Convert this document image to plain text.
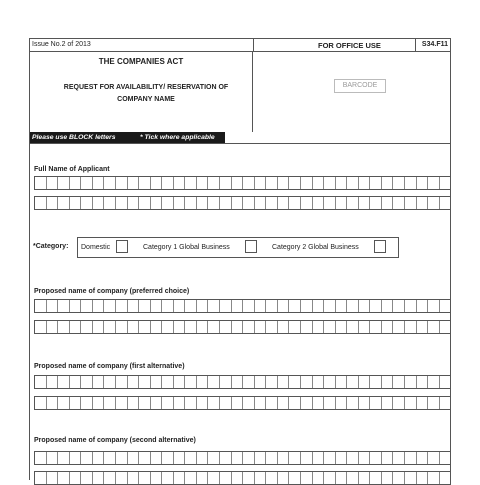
Issue No.2 of 2013	FOR OFFICE USE	S34.F11
THE COMPANIES ACT
REQUEST FOR AVAILABILITY/ RESERVATION OF COMPANY NAME
BARCODE
Please use BLOCK letters	* Tick where applicable
Full Name of Applicant
*Category: Domestic	Category 1 Global Business	Category 2 Global Business
Proposed name of company (preferred choice)
Proposed name of company (first alternative)
Proposed name of company (second alternative)
